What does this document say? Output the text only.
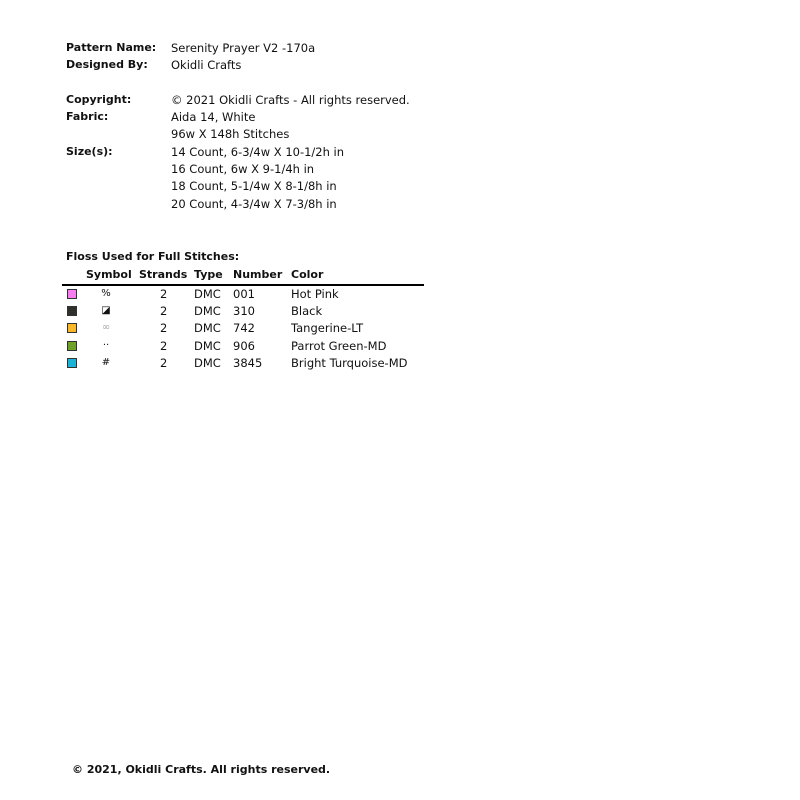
Pattern Name: Serenity Prayer V2 -170a
Designed By: Okidli Crafts
Copyright:	© 2021 Okidli Crafts - All rights reserved.
Fabric:	Aida 14, White
96w X 148h Stitches
Size(s):	14 Count, 6-3/4w X 10-1/2h in
16 Count, 6w X 9-1/4h in
18 Count, 5-1/4w X 8-1/8h in
20 Count, 4-3/4w X 7-3/8h in
Floss Used for Full Stitches:
Symbol Strands Type Number Color
%	2 DMC 001	Hot Pink
◪	2 DMC 310	Black
∞	2 DMC 742	Tangerine-LT
··	2 DMC 906	Parrot Green-MD
#	2 DMC 3845 Bright Turquoise-MD
© 2021, Okidli Crafts. All rights reserved.
